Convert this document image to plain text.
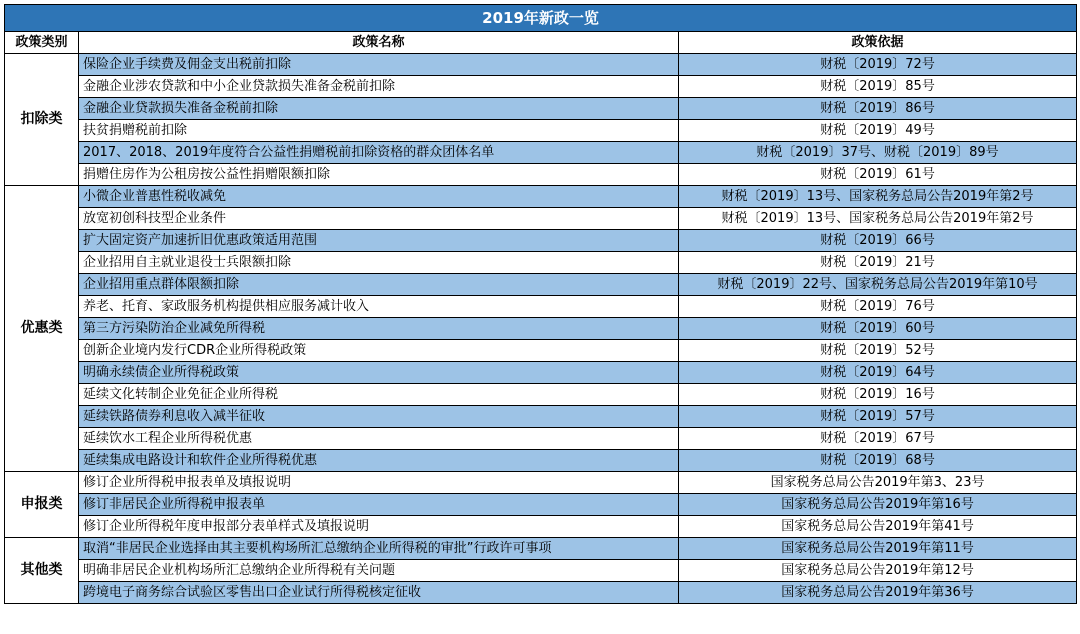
2019年新政一览		
政策类别	政策名称	政策依据
扣除类	保险企业手续费及佣金支出税前扣除	财税〔2019〕72号
	金融企业涉农贷款和中小企业贷款损失准备金税前扣除	财税〔2019〕85号
	金融企业贷款损失准备金税前扣除	财税〔2019〕86号
	扶贫捐赠税前扣除	财税〔2019〕49号
	2017、2018、2019年度符合公益性捐赠税前扣除资格的群众团体名单	财税〔2019〕37号、财税〔2019〕89号
	捐赠住房作为公租房按公益性捐赠限额扣除	财税〔2019〕61号
优惠类	小微企业普惠性税收减免	财税〔2019〕13号、国家税务总局公告2019年第2号
	放宽初创科技型企业条件	财税〔2019〕13号、国家税务总局公告2019年第2号
	扩大固定资产加速折旧优惠政策适用范围	财税〔2019〕66号
	企业招用自主就业退役士兵限额扣除	财税〔2019〕21号
	企业招用重点群体限额扣除	财税〔2019〕22号、国家税务总局公告2019年第10号
	养老、托育、家政服务机构提供相应服务减计收入	财税〔2019〕76号
	第三方污染防治企业减免所得税	财税〔2019〕60号
	创新企业境内发行CDR企业所得税政策	财税〔2019〕52号
	明确永续债企业所得税政策	财税〔2019〕64号
	延续文化转制企业免征企业所得税	财税〔2019〕16号
	延续铁路债券利息收入减半征收	财税〔2019〕57号
	延续饮水工程企业所得税优惠	财税〔2019〕67号
	延续集成电路设计和软件企业所得税优惠	财税〔2019〕68号
申报类	修订企业所得税申报表单及填报说明	国家税务总局公告2019年第3、23号
	修订非居民企业所得税申报表单	国家税务总局公告2019年第16号
	修订企业所得税年度申报部分表单样式及填报说明	国家税务总局公告2019年第41号
其他类	取消“非居民企业选择由其主要机构场所汇总缴纳企业所得税的审批”行政许可事项	国家税务总局公告2019年第11号
	明确非居民企业机构场所汇总缴纳企业所得税有关问题	国家税务总局公告2019年第12号
	跨境电子商务综合试验区零售出口企业试行所得税核定征收	国家税务总局公告2019年第36号
